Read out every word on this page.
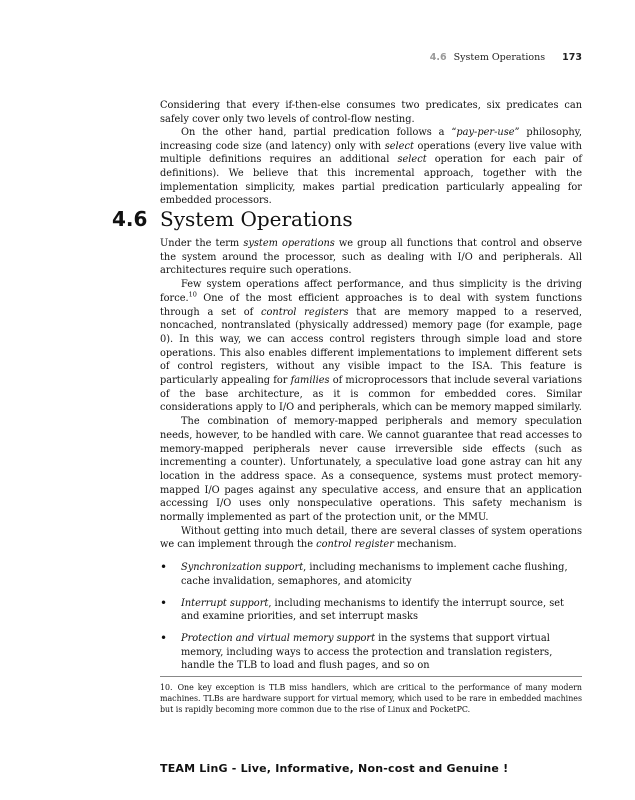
4.6 System Operations 173

Considering that every if-then-else consumes two predicates, six predicates can safely cover only two levels of control-flow nesting.

On the other hand, partial predication follows a “pay-per-use” philosophy, increasing code size (and latency) only with select operations (every live value with multiple definitions requires an additional select operation for each pair of definitions). We believe that this incremental approach, together with the implementation simplicity, makes partial predication particularly appealing for embedded processors.

4.6 System Operations

Under the term system operations we group all functions that control and observe the system around the processor, such as dealing with I/O and peripherals. All architectures require such operations.

Few system operations affect performance, and thus simplicity is the driving force.$^{10}$ One of the most efficient approaches is to deal with system functions through a set of control registers that are memory mapped to a reserved, noncached, nontranslated (physically addressed) memory page (for example, page 0). In this way, we can access control registers through simple load and store operations. This also enables different implementations to implement different sets of control registers, without any visible impact to the ISA. This feature is particularly appealing for families of microprocessors that include several variations of the base architecture, as it is common for embedded cores. Similar considerations apply to I/O and peripherals, which can be memory mapped similarly.

The combination of memory-mapped peripherals and memory speculation needs, however, to be handled with care. We cannot guarantee that read accesses to memory-mapped peripherals never cause irreversible side effects (such as incrementing a counter). Unfortunately, a speculative load gone astray can hit any location in the address space. As a consequence, systems must protect memory-mapped I/O pages against any speculative access, and ensure that an application accessing I/O uses only nonspeculative operations. This safety mechanism is normally implemented as part of the protection unit, or the MMU.

Without getting into much detail, there are several classes of system operations we can implement through the control register mechanism.

• Synchronization support, including mechanisms to implement cache flushing, cache invalidation, semaphores, and atomicity
• Interrupt support, including mechanisms to identify the interrupt source, set and examine priorities, and set interrupt masks
• Protection and virtual memory support in the systems that support virtual memory, including ways to access the protection and translation registers, handle the TLB to load and flush pages, and so on

10. One key exception is TLB miss handlers, which are critical to the performance of many modern machines. TLBs are hardware support for virtual memory, which used to be rare in embedded machines but is rapidly becoming more common due to the rise of Linux and PocketPC.

TEAM LinG - Live, Informative, Non-cost and Genuine !
